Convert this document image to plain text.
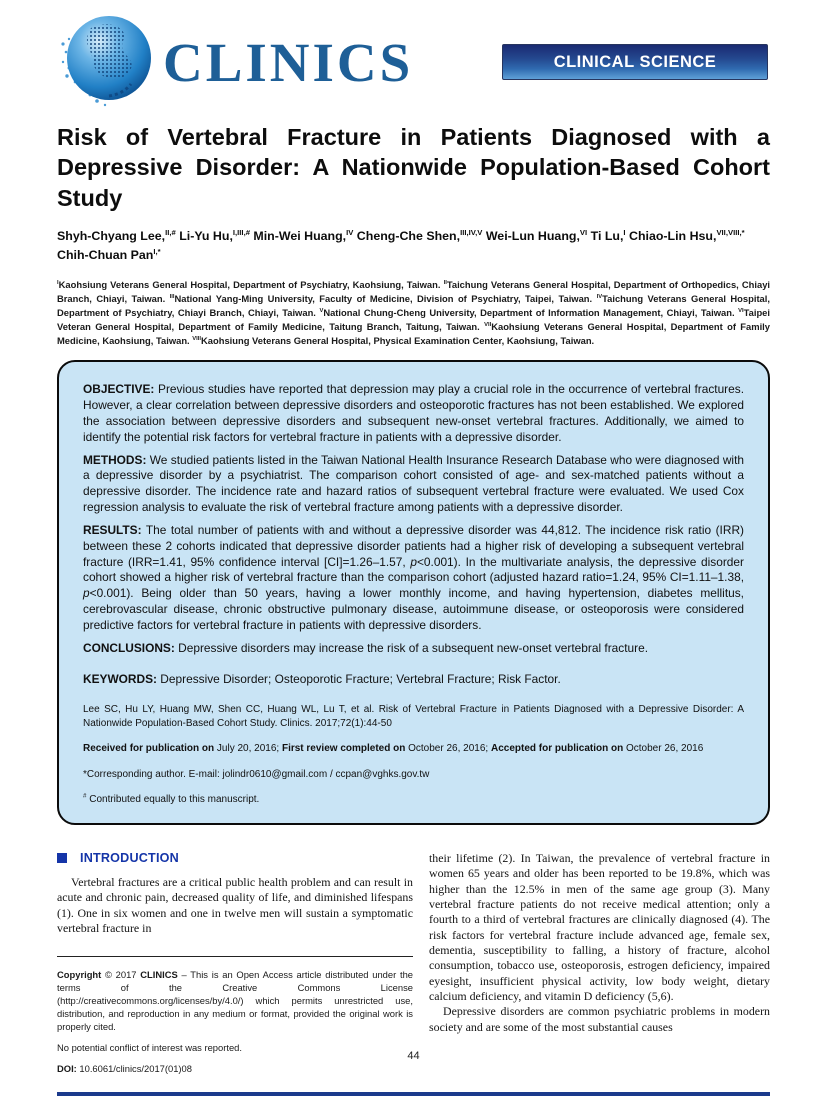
CLINICS	CLINICAL SCIENCE
Risk of Vertebral Fracture in Patients Diagnosed with a Depressive Disorder: A Nationwide Population-Based Cohort Study

Shyh-Chyang Lee,$^{II,\#}$ Li-Yu Hu,$^{I,III,\#}$ Min-Wei Huang,$^{IV}$ Cheng-Che Shen,$^{III,IV,V}$ Wei-Lun Huang,$^{VI}$ Ti Lu,$^I$ Chiao-Lin Hsu,$^{VII,VIII,*}$ Chih-Chuan Pan$^{I,*}$

$^I$Kaohsiung Veterans General Hospital, Department of Psychiatry, Kaohsiung, Taiwan. $^{II}$Taichung Veterans General Hospital, Department of Orthopedics, Chiayi Branch, Chiayi, Taiwan. $^{III}$National Yang-Ming University, Faculty of Medicine, Division of Psychiatry, Taipei, Taiwan. $^{IV}$Taichung Veterans General Hospital, Department of Psychiatry, Chiayi Branch, Chiayi, Taiwan. $^V$National Chung-Cheng University, Department of Information Management, Chiayi, Taiwan. $^{VI}$Taipei Veteran General Hospital, Department of Family Medicine, Taitung Branch, Taitung, Taiwan. $^{VII}$Kaohsiung Veterans General Hospital, Department of Family Medicine, Kaohsiung, Taiwan. $^{VIII}$Kaohsiung Veterans General Hospital, Physical Examination Center, Kaohsiung, Taiwan.

OBJECTIVE: Previous studies have reported that depression may play a crucial role in the occurrence of vertebral fractures. However, a clear correlation between depressive disorders and osteoporotic fractures has not been established. We explored the association between depressive disorders and subsequent new-onset vertebral fractures. Additionally, we aimed to identify the potential risk factors for vertebral fracture in patients with a depressive disorder.

METHODS: We studied patients listed in the Taiwan National Health Insurance Research Database who were diagnosed with a depressive disorder by a psychiatrist. The comparison cohort consisted of age- and sex-matched patients without a depressive disorder. The incidence rate and hazard ratios of subsequent vertebral fracture were evaluated. We used Cox regression analysis to evaluate the risk of vertebral fracture among patients with a depressive disorder.

RESULTS: The total number of patients with and without a depressive disorder was 44,812. The incidence risk ratio (IRR) between these 2 cohorts indicated that depressive disorder patients had a higher risk of developing a subsequent vertebral fracture (IRR=1.41, 95% confidence interval [CI]=1.26–1.57, p<0.001). In the multivariate analysis, the depressive disorder cohort showed a higher risk of vertebral fracture than the comparison cohort (adjusted hazard ratio=1.24, 95% CI=1.11–1.38, p<0.001). Being older than 50 years, having a lower monthly income, and having hypertension, diabetes mellitus, cerebrovascular disease, chronic obstructive pulmonary disease, autoimmune disease, or osteoporosis were considered predictive factors for vertebral fracture in patients with depressive disorders.

CONCLUSIONS: Depressive disorders may increase the risk of a subsequent new-onset vertebral fracture.

KEYWORDS: Depressive Disorder; Osteoporotic Fracture; Vertebral Fracture; Risk Factor.

Lee SC, Hu LY, Huang MW, Shen CC, Huang WL, Lu T, et al. Risk of Vertebral Fracture in Patients Diagnosed with a Depressive Disorder: A Nationwide Population-Based Cohort Study. Clinics. 2017;72(1):44-50

Received for publication on July 20, 2016; First review completed on October 26, 2016; Accepted for publication on October 26, 2016

*Corresponding author. E-mail: jolindr0610@gmail.com / ccpan@vghks.gov.tw

# Contributed equally to this manuscript.

INTRODUCTION

Vertebral fractures are a critical public health problem and can result in acute and chronic pain, decreased quality of life, and diminished lifespans (1). One in six women and one in twelve men will sustain a symptomatic vertebral fracture in

Copyright © 2017 CLINICS – This is an Open Access article distributed under the terms of the Creative Commons License (http://creativecommons.org/licenses/by/4.0/) which permits unrestricted use, distribution, and reproduction in any medium or format, provided the original work is properly cited.

No potential conflict of interest was reported.

DOI: 10.6061/clinics/2017(01)08

their lifetime (2). In Taiwan, the prevalence of vertebral fracture in women 65 years and older has been reported to be 19.8%, which was higher than the 12.5% in men of the same age group (3). Many vertebral fracture patients do not receive medical attention; only a fourth to a third of vertebral fractures are clinically diagnosed (4). The risk factors for vertebral fracture include advanced age, female sex, dementia, susceptibility to falling, a history of fracture, alcohol consumption, tobacco use, osteoporosis, estrogen deficiency, impaired eyesight, insufficient physical activity, low body weight, dietary calcium deficiency, and vitamin D deficiency (5,6).

Depressive disorders are common psychiatric problems in modern society and are some of the most substantial causes

44
